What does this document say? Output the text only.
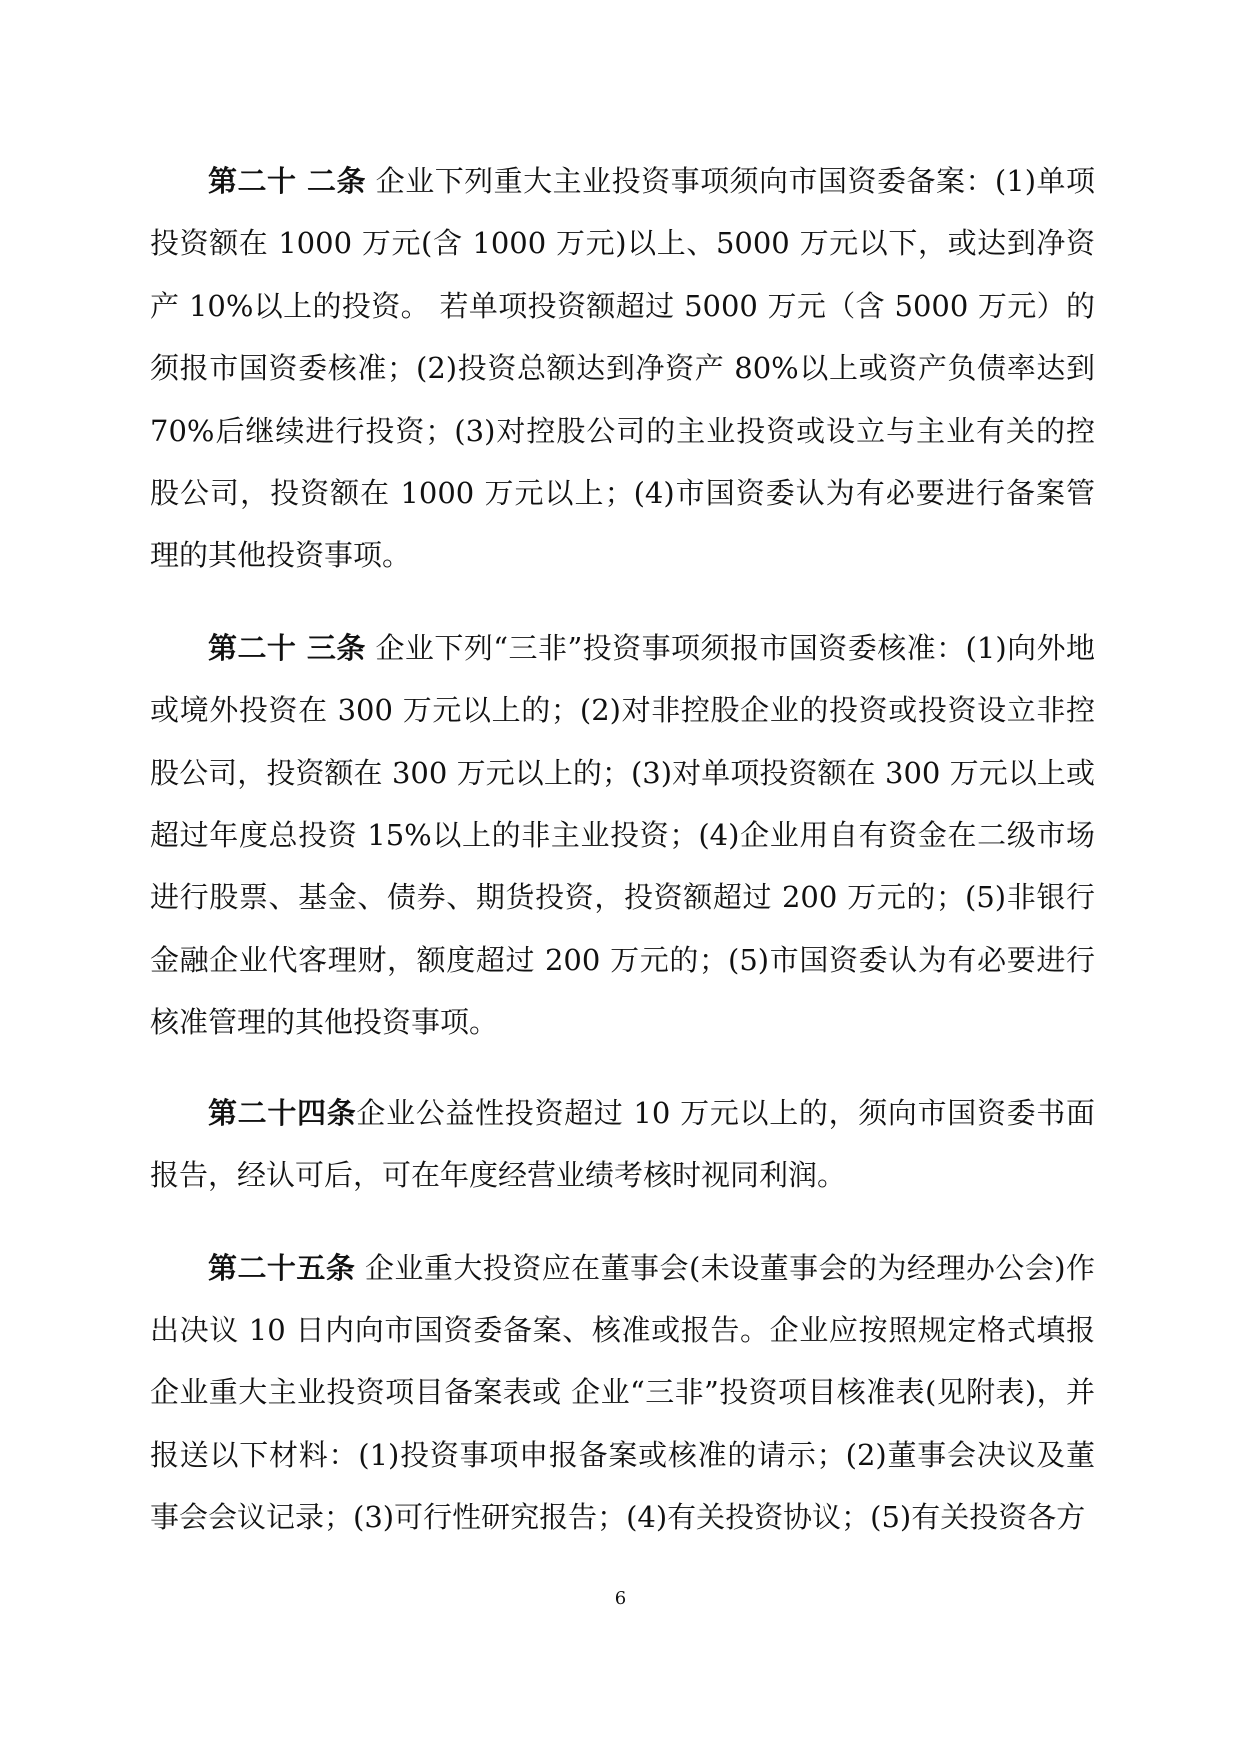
第二十 二条 企业下列重大主业投资事项须向市国资委备案：(1)单项投资额在 1000 万元(含 1000 万元)以上、5000 万元以下，或达到净资产 10%以上的投资。 若单项投资额超过 5000 万元（含 5000 万元）的须报市国资委核准；(2)投资总额达到净资产 80%以上或资产负债率达到 70%后继续进行投资；(3)对控股公司的主业投资或设立与主业有关的控股公司，投资额在 1000 万元以上；(4)市国资委认为有必要进行备案管理的其他投资事项。

第二十 三条 企业下列“三非”投资事项须报市国资委核准：(1)向外地或境外投资在 300 万元以上的；(2)对非控股企业的投资或投资设立非控股公司，投资额在 300 万元以上的；(3)对单项投资额在 300 万元以上或超过年度总投资 15%以上的非主业投资；(4)企业用自有资金在二级市场进行股票、基金、债券、期货投资，投资额超过 200 万元的；(5)非银行金融企业代客理财，额度超过 200 万元的；(5)市国资委认为有必要进行核准管理的其他投资事项。

第二十四条企业公益性投资超过 10 万元以上的，须向市国资委书面报告，经认可后，可在年度经营业绩考核时视同利润。

第二十五条 企业重大投资应在董事会(未设董事会的为经理办公会)作出决议 10 日内向市国资委备案、核准或报告。企业应按照规定格式填报企业重大主业投资项目备案表或 企业“三非”投资项目核准表(见附表)，并报送以下材料：(1)投资事项申报备案或核准的请示；(2)董事会决议及董事会会议记录；(3)可行性研究报告；(4)有关投资协议；(5)有关投资各方

6
